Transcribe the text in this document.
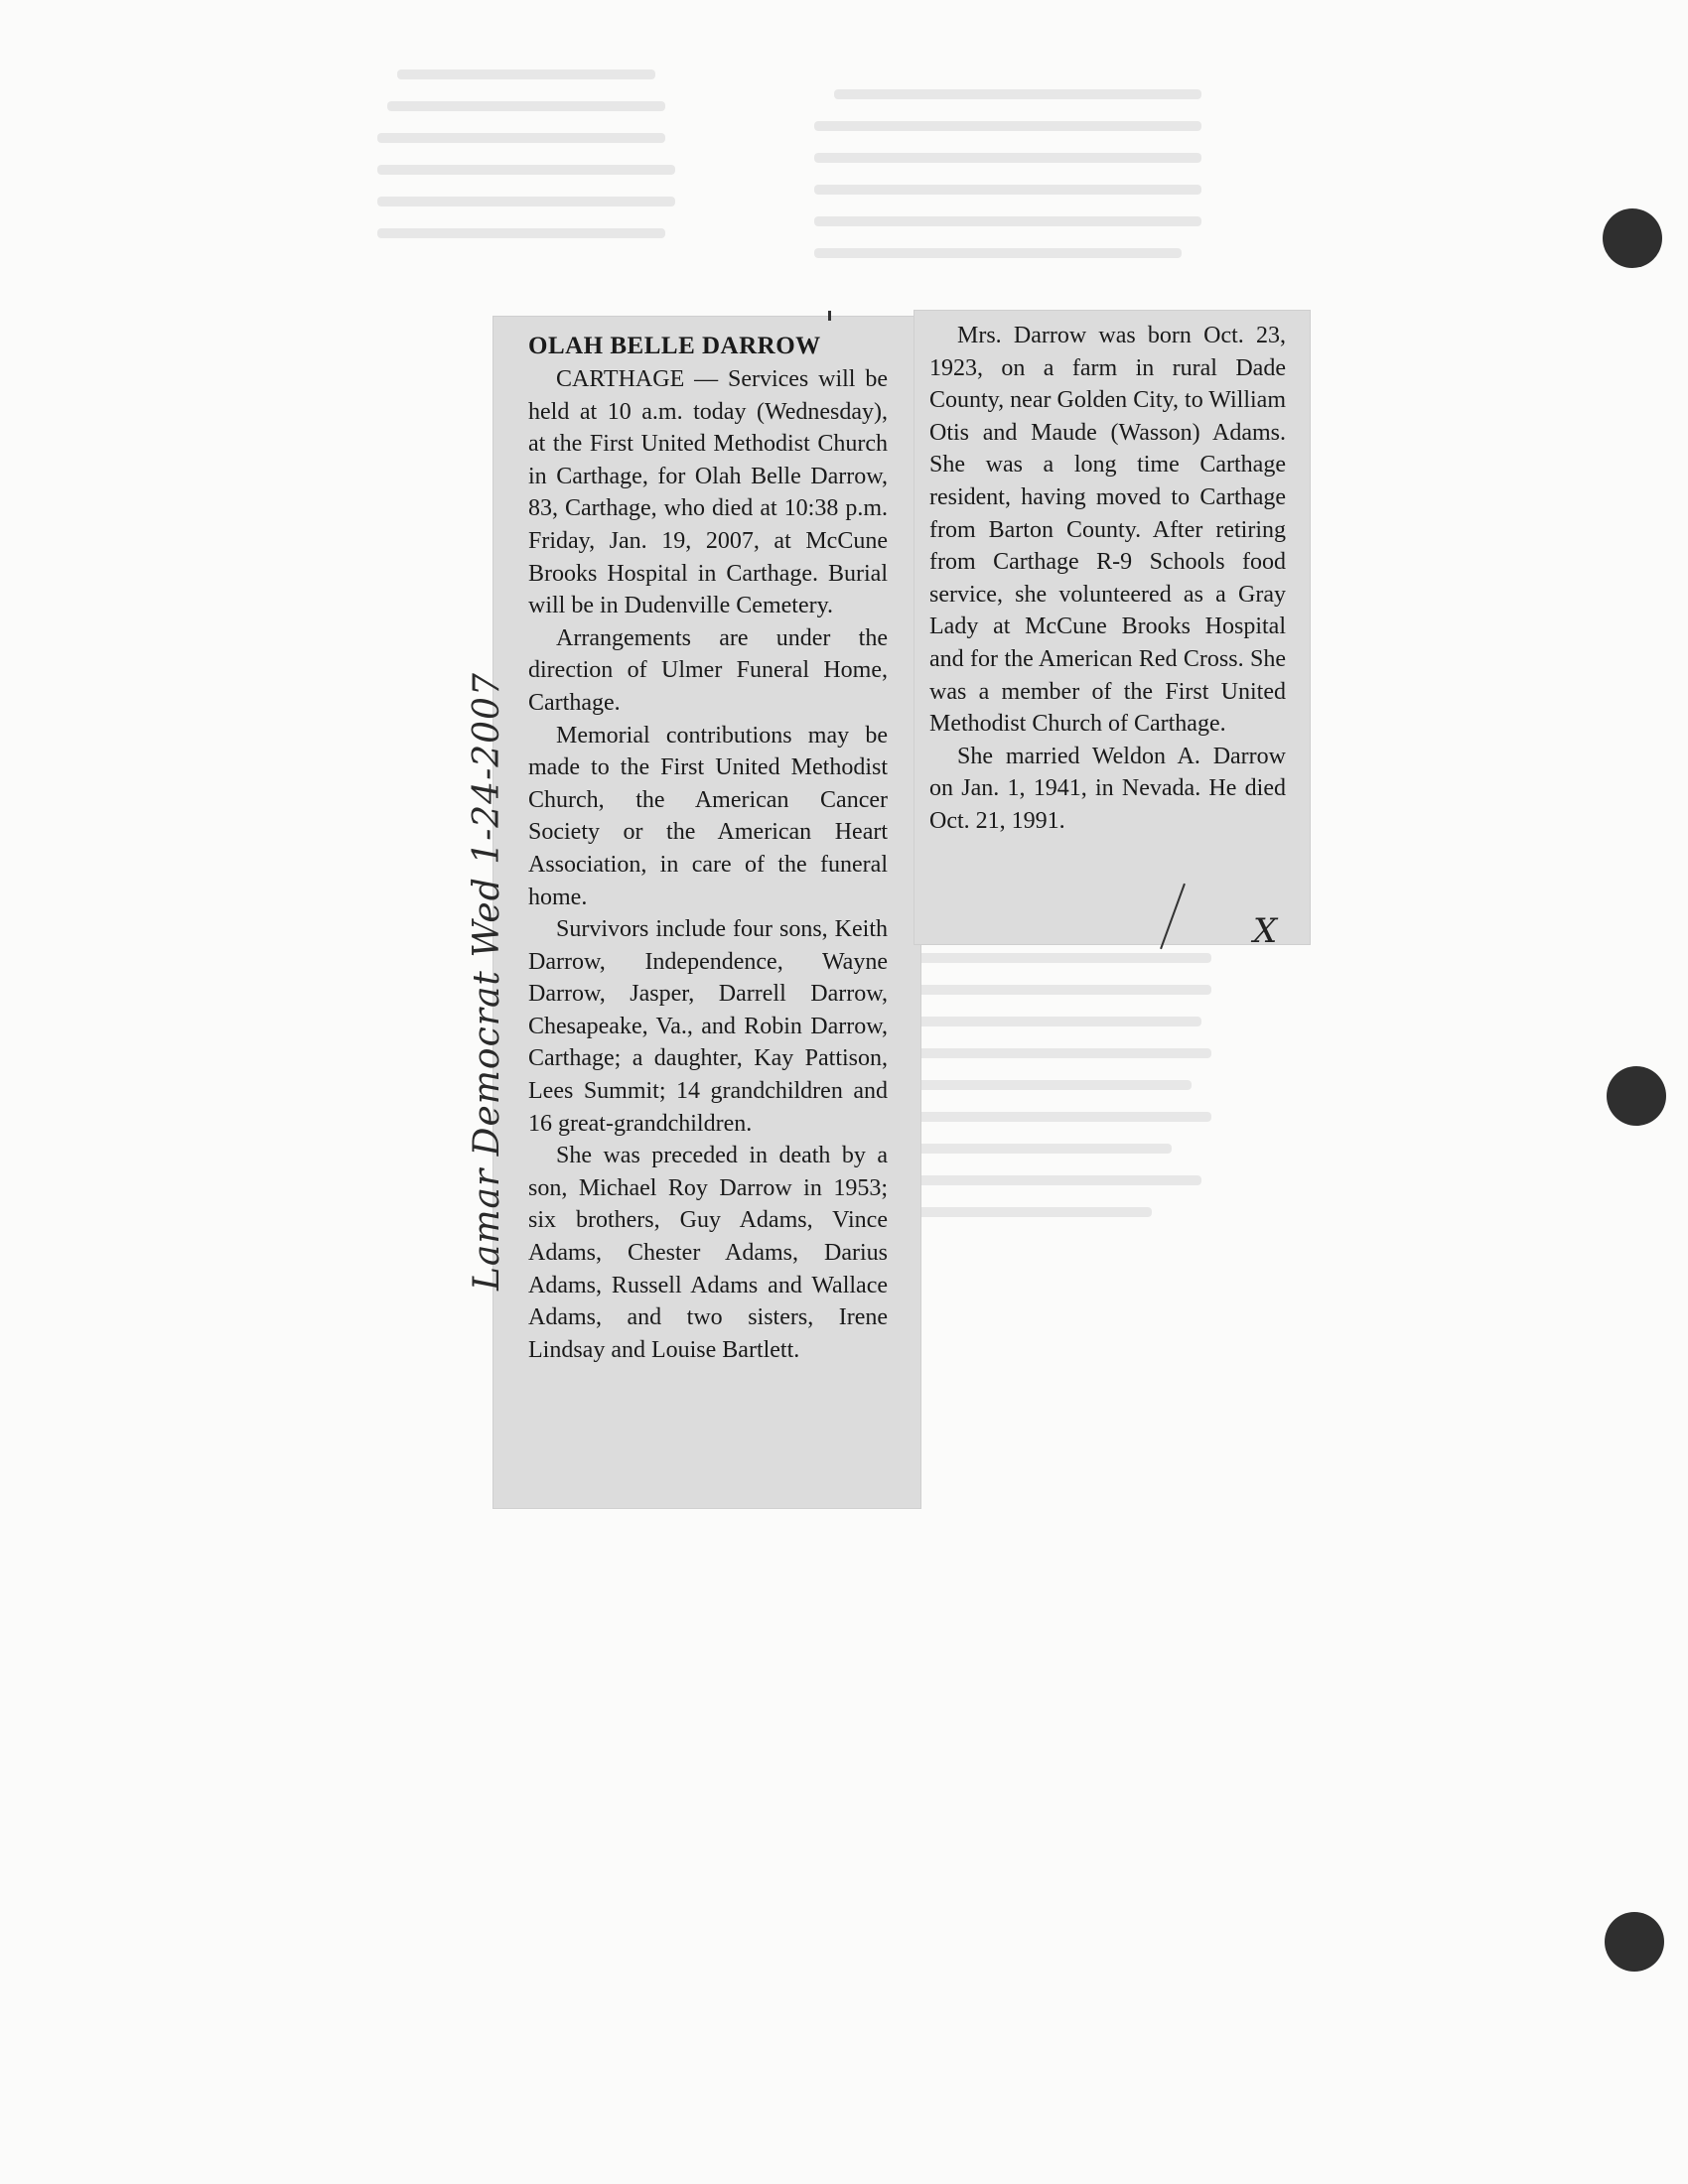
Lamar Democrat Wed 1-24-2007
OLAH BELLE DARROW

CARTHAGE — Services will be held at 10 a.m. today (Wednesday), at the First United Methodist Church in Carthage, for Olah Belle Darrow, 83, Carthage, who died at 10:38 p.m. Friday, Jan. 19, 2007, at McCune Brooks Hospital in Carthage. Burial will be in Dudenville Cemetery.

Arrangements are under the direction of Ulmer Funeral Home, Carthage.

Memorial contributions may be made to the First United Methodist Church, the American Cancer Society or the American Heart Association, in care of the funeral home.

Survivors include four sons, Keith Darrow, Independence, Wayne Darrow, Jasper, Darrell Darrow, Chesapeake, Va., and Robin Darrow, Carthage; a daughter, Kay Pattison, Lees Summit; 14 grandchildren and 16 great-grandchildren.

She was preceded in death by a son, Michael Roy Darrow in 1953; six brothers, Guy Adams, Vince Adams, Chester Adams, Darius Adams, Russell Adams and Wallace Adams, and two sisters, Irene Lindsay and Louise Bartlett.

Mrs. Darrow was born Oct. 23, 1923, on a farm in rural Dade County, near Golden City, to William Otis and Maude (Wasson) Adams. She was a long time Carthage resident, having moved to Carthage from Barton County. After retiring from Carthage R-9 Schools food service, she volunteered as a Gray Lady at McCune Brooks Hospital and for the American Red Cross. She was a member of the First United Methodist Church of Carthage.

She married Weldon A. Darrow on Jan. 1, 1941, in Nevada. He died Oct. 21, 1991.

X
